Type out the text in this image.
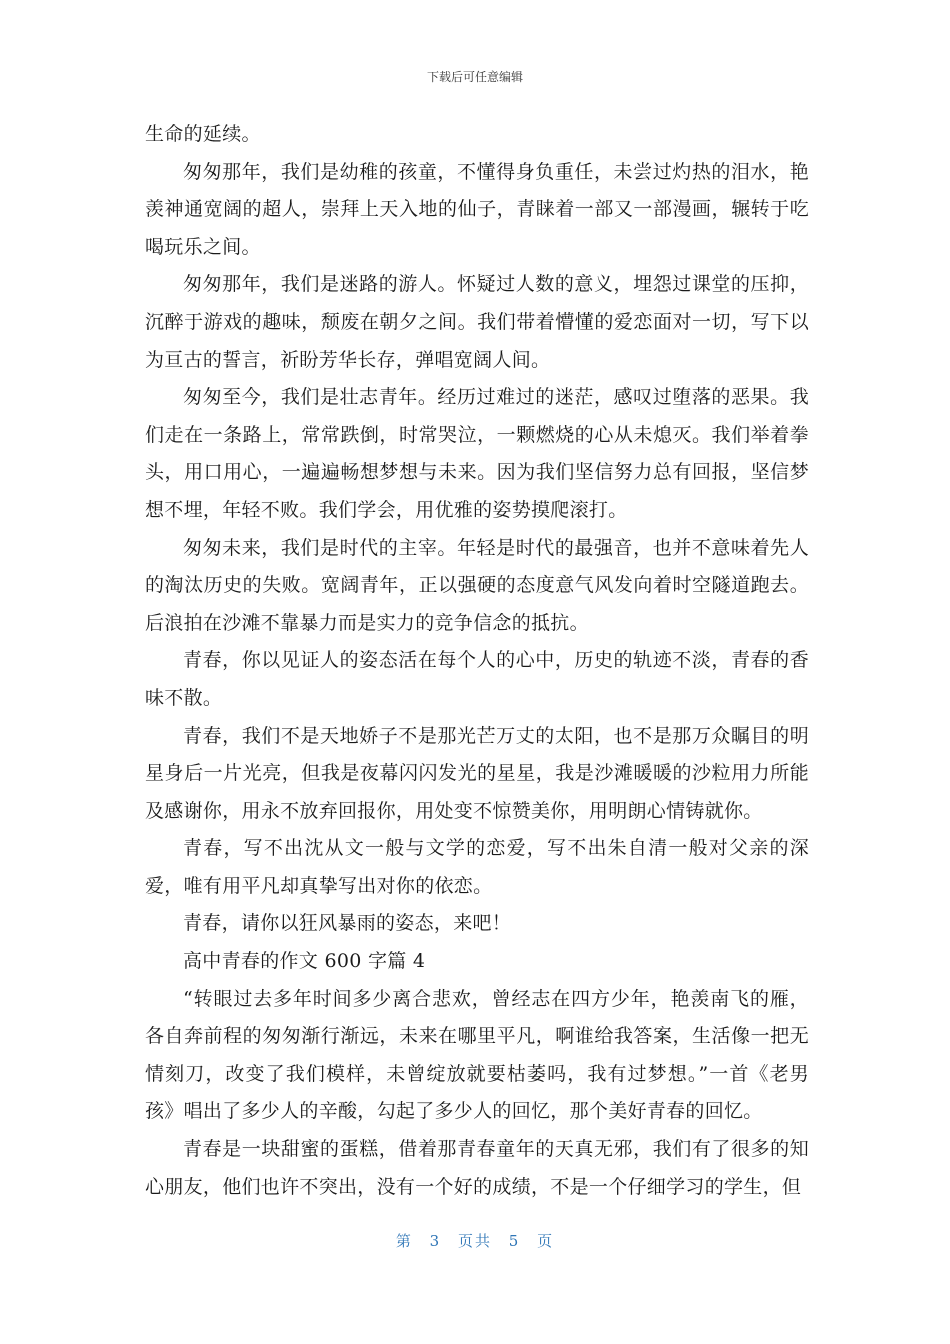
下载后可任意编辑

生命的延续。

匆匆那年，我们是幼稚的孩童，不懂得身负重任，未尝过灼热的泪水，艳羡神通宽阔的超人，崇拜上天入地的仙子，青睐着一部又一部漫画，辗转于吃喝玩乐之间。

匆匆那年，我们是迷路的游人。怀疑过人数的意义，埋怨过课堂的压抑，沉醉于游戏的趣味，颓废在朝夕之间。我们带着懵懂的爱恋面对一切，写下以为亘古的誓言，祈盼芳华长存，弹唱宽阔人间。

匆匆至今，我们是壮志青年。经历过难过的迷茫，感叹过堕落的恶果。我们走在一条路上，常常跌倒，时常哭泣，一颗燃烧的心从未熄灭。我们举着拳头，用口用心，一遍遍畅想梦想与未来。因为我们坚信努力总有回报，坚信梦想不埋，年轻不败。我们学会，用优雅的姿势摸爬滚打。

匆匆未来，我们是时代的主宰。年轻是时代的最强音，也并不意味着先人的淘汰历史的失败。宽阔青年，正以强硬的态度意气风发向着时空隧道跑去。后浪拍在沙滩不靠暴力而是实力的竞争信念的抵抗。

青春，你以见证人的姿态活在每个人的心中，历史的轨迹不淡，青春的香味不散。

青春，我们不是天地娇子不是那光芒万丈的太阳，也不是那万众瞩目的明星身后一片光亮，但我是夜幕闪闪发光的星星，我是沙滩暖暖的沙粒用力所能及感谢你，用永不放弃回报你，用处变不惊赞美你，用明朗心情铸就你。

青春，写不出沈从文一般与文学的恋爱，写不出朱自清一般对父亲的深爱，唯有用平凡却真挚写出对你的依恋。

青春，请你以狂风暴雨的姿态，来吧！

高中青春的作文 600 字篇 4

“转眼过去多年时间多少离合悲欢，曾经志在四方少年，艳羡南飞的雁，各自奔前程的匆匆渐行渐远，未来在哪里平凡，啊谁给我答案，生活像一把无情刻刀，改变了我们模样，未曾绽放就要枯萎吗，我有过梦想。”一首《老男孩》唱出了多少人的辛酸，勾起了多少人的回忆，那个美好青春的回忆。

青春是一块甜蜜的蛋糕，借着那青春童年的天真无邪，我们有了很多的知心朋友，他们也许不突出，没有一个好的成绩，不是一个仔细学习的学生，但

第 3 页共 5 页
